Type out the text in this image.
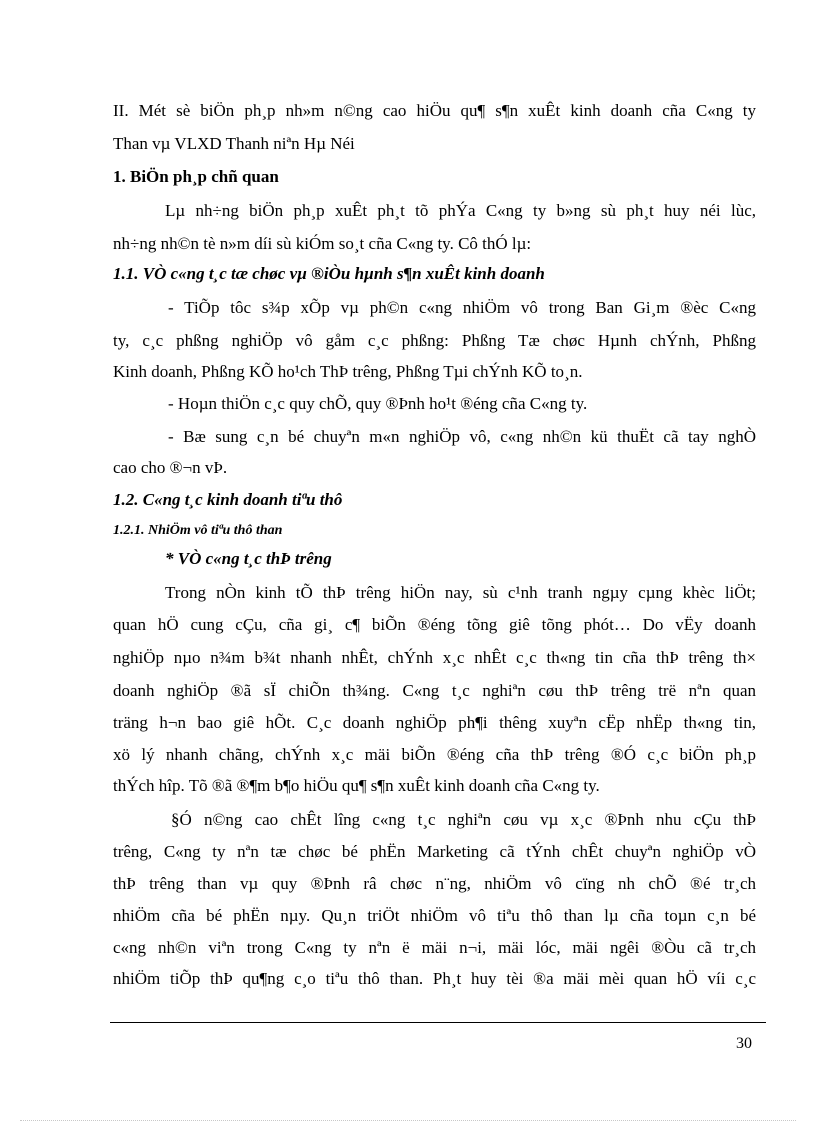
II. Mét sè biÖn ph¸p nh»m n©ng cao hiÖu qu¶ s¶n xuÊt kinh doanh cña C«ng ty
Than vµ VLXD Thanh niªn Hµ Néi
1. BiÖn ph¸p chñ quan
Lµ nh÷ng biÖn ph¸p xuÊt ph¸t tõ phÝa C«ng ty b»ng sù ph¸t huy néi lùc,
nh÷ng nh©n tè n»m díi sù kiÓm so¸t cña C«ng ty. Cô thÓ lµ:
1.1. VÒ c«ng t¸c tæ chøc vµ ®iÒu hµnh s¶n xuÊt kinh doanh
- TiÕp tôc s¾p xÕp vµ ph©n c«ng nhiÖm vô trong Ban Gi¸m ®èc C«ng
ty, c¸c phßng nghiÖp vô gåm c¸c phßng: Phßng Tæ chøc Hµnh chÝnh, Phßng
Kinh doanh, Phßng KÕ ho¹ch ThÞ trêng, Phßng Tµi chÝnh KÕ to¸n.
- Hoµn thiÖn c¸c quy chÕ, quy ®Þnh ho¹t ®éng cña C«ng ty.
- Bæ sung c¸n bé chuyªn m«n nghiÖp vô, c«ng nh©n kü thuËt cã tay nghÒ
cao cho ®¬n vÞ.
1.2. C«ng t¸c kinh doanh tiªu thô
1.2.1. NhiÖm vô tiªu thô than
* VÒ c«ng t¸c thÞ trêng
Trong nÒn kinh tÕ thÞ trêng hiÖn nay, sù c¹nh tranh ngµy cµng khèc liÖt;
quan hÖ cung cÇu, cña gi¸ c¶ biÕn ®éng tõng giê tõng phót… Do vËy doanh
nghiÖp nµo n¾m b¾t nhanh nhÊt, chÝnh x¸c nhÊt c¸c th«ng tin cña thÞ trêng th×
doanh nghiÖp ®ã sÏ chiÕn th¾ng. C«ng t¸c nghiªn cøu thÞ trêng trë nªn quan
träng h¬n bao giê hÕt. C¸c doanh nghiÖp ph¶i thêng xuyªn cËp nhËp th«ng tin,
xö lý nhanh chãng, chÝnh x¸c mäi biÕn ®éng cña thÞ trêng ®Ó c¸c biÖn ph¸p
thÝch hîp. Tõ ®ã ®¶m b¶o hiÖu qu¶ s¶n xuÊt kinh doanh cña C«ng ty.
§Ó n©ng cao chÊt lîng c«ng t¸c nghiªn cøu vµ x¸c ®Þnh nhu cÇu thÞ
trêng, C«ng ty nªn tæ chøc bé phËn Marketing cã tÝnh chÊt chuyªn nghiÖp vÒ
thÞ trêng than vµ quy ®Þnh râ chøc n¨ng, nhiÖm vô cïng nh chÕ ®é tr¸ch
nhiÖm cña bé phËn nµy. Qu¸n triÖt nhiÖm vô tiªu thô than lµ cña toµn c¸n bé
c«ng nh©n viªn trong C«ng ty nªn ë mäi n¬i, mäi lóc, mäi ngêi ®Òu cã tr¸ch
nhiÖm tiÕp thÞ qu¶ng c¸o tiªu thô than. Ph¸t huy tèi ®a mäi mèi quan hÖ víi c¸c
30
